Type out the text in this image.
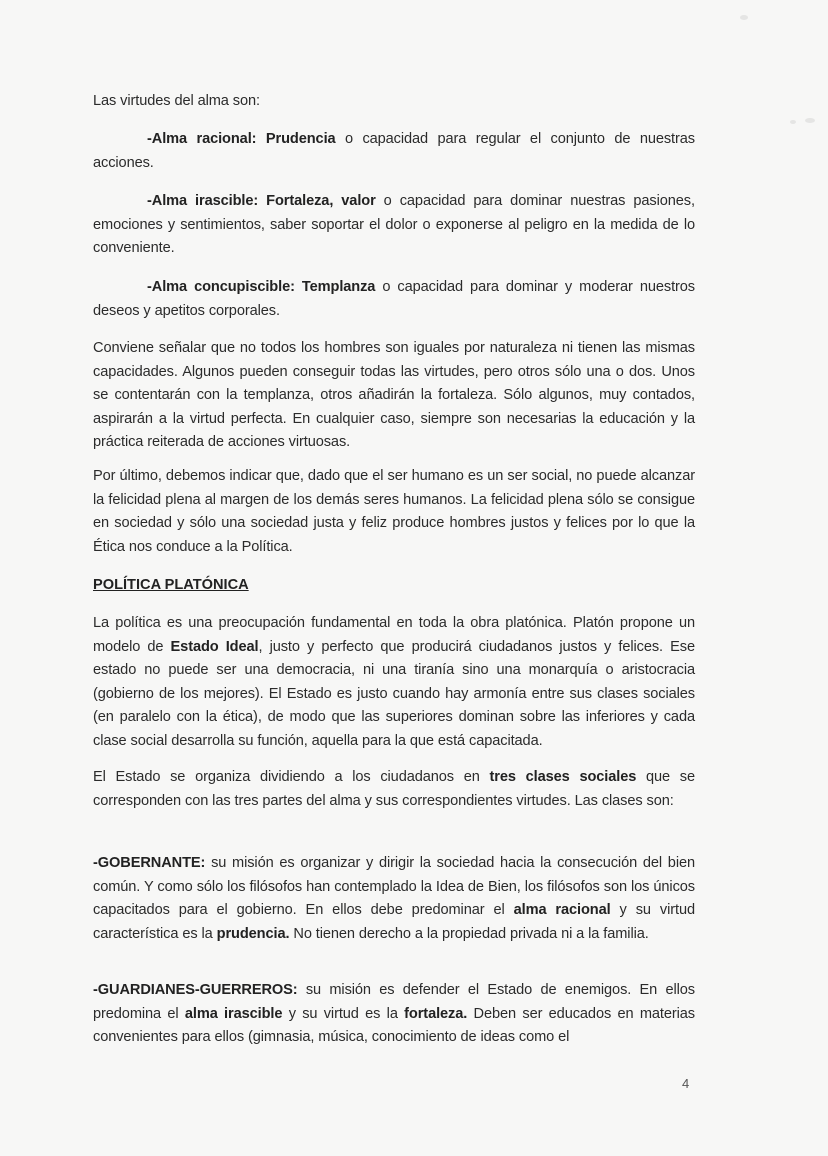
Las virtudes del alma son:

-Alma racional: Prudencia o capacidad para regular el conjunto de nuestras acciones.

-Alma irascible: Fortaleza, valor o capacidad para dominar nuestras pasiones, emociones y sentimientos, saber soportar el dolor o exponerse al peligro en la medida de lo conveniente.

-Alma concupiscible: Templanza o capacidad para dominar y moderar nuestros deseos y apetitos corporales.

Conviene señalar que no todos los hombres son iguales por naturaleza ni tienen las mismas capacidades. Algunos pueden conseguir todas las virtudes, pero otros sólo una o dos. Unos se contentarán con la templanza, otros añadirán la fortaleza. Sólo algunos, muy contados, aspirarán a la virtud perfecta. En cualquier caso, siempre son necesarias la educación y la práctica reiterada de acciones virtuosas.

Por último, debemos indicar que, dado que el ser humano es un ser social, no puede alcanzar la felicidad plena al margen de los demás seres humanos. La felicidad plena sólo se consigue en sociedad y sólo una sociedad justa y feliz produce hombres justos y felices por lo que la Ética nos conduce a la Política.

POLÍTICA PLATÓNICA

La política es una preocupación fundamental en toda la obra platónica. Platón propone un modelo de Estado Ideal, justo y perfecto que producirá ciudadanos justos y felices. Ese estado no puede ser una democracia, ni una tiranía sino una monarquía o aristocracia (gobierno de los mejores). El Estado es justo cuando hay armonía entre sus clases sociales (en paralelo con la ética), de modo que las superiores dominan sobre las inferiores y cada clase social desarrolla su función, aquella para la que está capacitada.

El Estado se organiza dividiendo a los ciudadanos en tres clases sociales que se corresponden con las tres partes del alma y sus correspondientes virtudes. Las clases son:

-GOBERNANTE: su misión es organizar y dirigir la sociedad hacia la consecución del bien común. Y como sólo los filósofos han contemplado la Idea de Bien, los filósofos son los únicos capacitados para el gobierno. En ellos debe predominar el alma racional y su virtud característica es la prudencia. No tienen derecho a la propiedad privada ni a la familia.

-GUARDIANES-GUERREROS: su misión es defender el Estado de enemigos. En ellos predomina el alma irascible y su virtud es la fortaleza. Deben ser educados en materias convenientes para ellos (gimnasia, música, conocimiento de ideas como el

4
